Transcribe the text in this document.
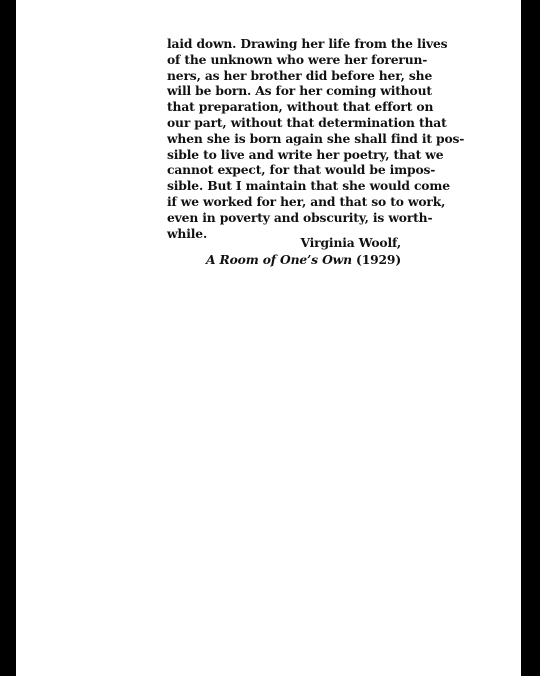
laid down. Drawing her life from the lives
of the unknown who were her forerun-
ners, as her brother did before her, she
will be born. As for her coming without
that preparation, without that effort on
our part, without that determination that
when she is born again she shall find it pos-
sible to live and write her poetry, that we
cannot expect, for that would be impos-
sible. But I maintain that she would come
if we worked for her, and that so to work,
even in poverty and obscurity, is worth-
while.
Virginia Woolf,
A Room of One’s Own (1929)
